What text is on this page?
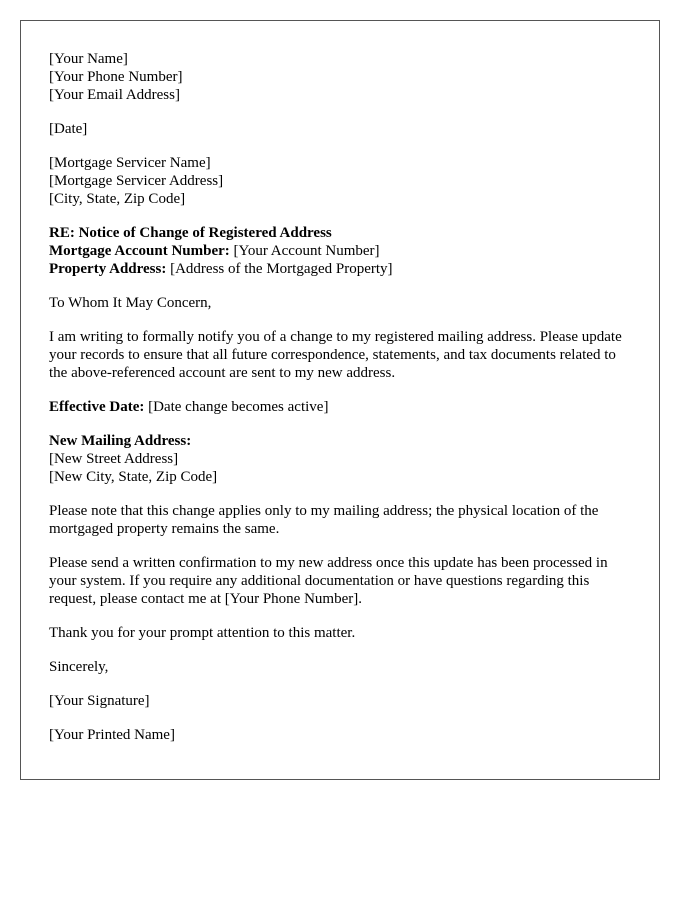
[Your Name]
[Your Phone Number]
[Your Email Address]
[Date]
[Mortgage Servicer Name]
[Mortgage Servicer Address]
[City, State, Zip Code]
RE: Notice of Change of Registered Address
Mortgage Account Number: [Your Account Number]
Property Address: [Address of the Mortgaged Property]

To Whom It May Concern,

I am writing to formally notify you of a change to my registered mailing address. Please update your records to ensure that all future correspondence, statements, and tax documents related to the above-referenced account are sent to my new address.

Effective Date: [Date change becomes active]
New Mailing Address:
[New Street Address]
[New City, State, Zip Code]

Please note that this change applies only to my mailing address; the physical location of the mortgaged property remains the same.

Please send a written confirmation to my new address once this update has been processed in your system. If you require any additional documentation or have questions regarding this request, please contact me at [Your Phone Number].

Thank you for your prompt attention to this matter.

Sincerely,

[Your Signature]

[Your Printed Name]
